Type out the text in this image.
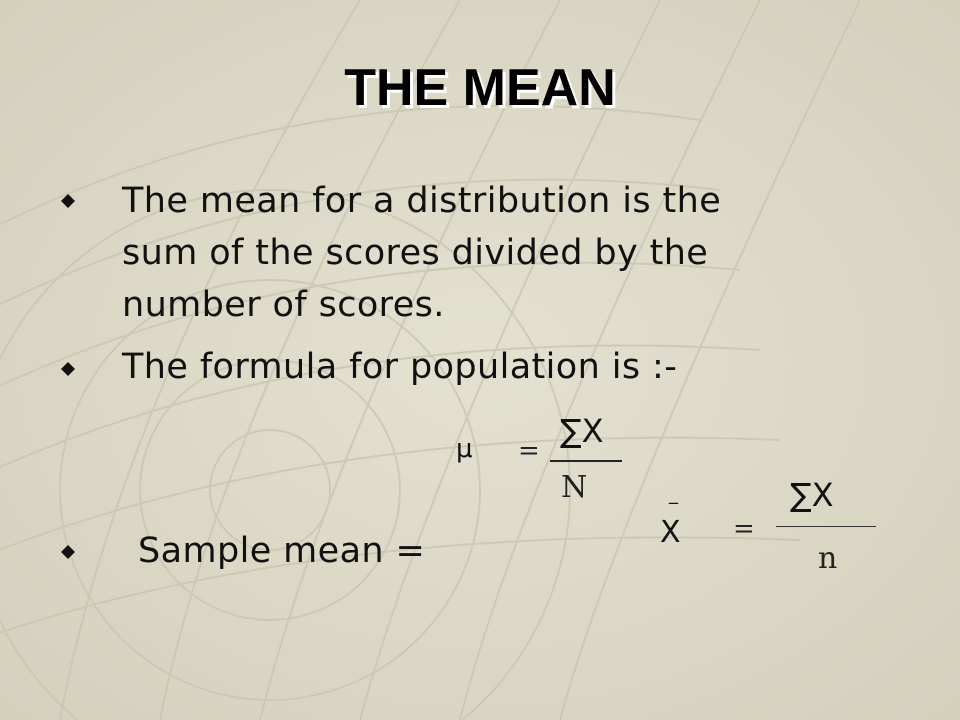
THE MEAN
The mean for a distribution is the
sum of the scores divided by the
number of scores.
The formula for population is :-
μ =
∑X
N	_
X =
∑X
n
Sample mean =
